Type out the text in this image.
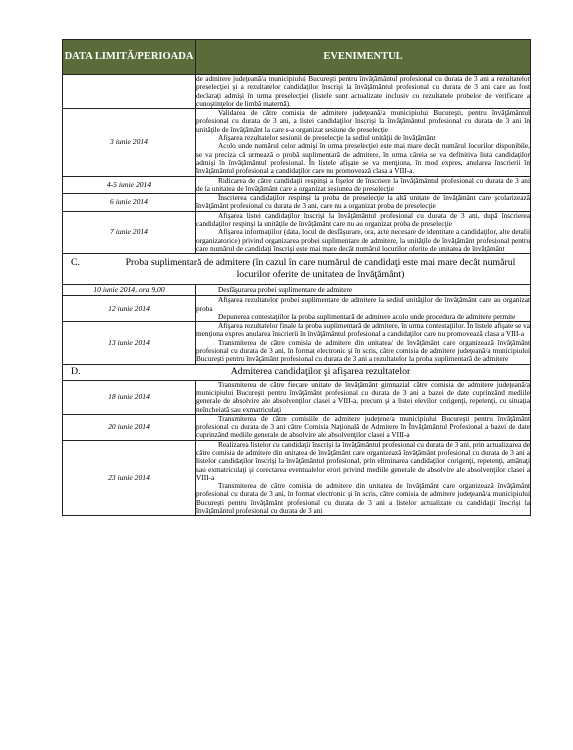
DATA LIMITĂ/PERIOADA	EVENIMENTUL

	de admitere judeţeană/a municipiului Bucureşti pentru învăţământul profesional cu durata de 3 ani a rezultatelor preselecţiei şi a rezultatelor candidaţilor înscrişi la învăţământul profesional cu durata de 3 ani care au fost declaraţi admişi în urma preselecţiei (listele sunt actualizate inclusiv cu rezultatele probelor de verificare a cunoştinţelor de limbă maternă).

3 iunie 2014	Validarea de către comisia de admitere judeţeană/a municipiului Bucureşti, pentru învăţământul profesional cu durata de 3 ani, a listei candidaţilor înscrişi la învăţământul profesional cu durata de 3 ani în unităţile de învăţământ la care s-a organizat sesiune de preselecţie

Afişarea rezultatelor sesiunii de preselecţie la sediul unităţii de învăţământ

Acolo unde numărul celor admişi în urma preselecţiei este mai mare decât numărul locurilor disponibile, se va preciza că urmează o probă suplimentară de admitere, în urma căreia se va definitiva lista candidaţilor admişi în învăţământul profesional. În listele afişate se va menţiona, în mod expres, anularea înscrierii în învăţământul profesional a candidaţilor care nu promovează clasa a VIII-a.

4-5 iunie 2014	Ridicarea de către candidaţii respinşi a fişelor de înscriere la învăţământul profesional cu durata de 3 ani de la unitatea de învăţământ care a organizat sesiunea de preselecţie

6 iunie 2014	Înscrierea candidaţilor respinşi la proba de preselecţie la altă unitate de învăţământ care şcolarizează învăţământ profesional cu durata de 3 ani, care nu a organizat proba de preselecţie

7 iunie 2014	Afişarea listei candidaţilor înscrişi la învăţământul profesional cu durata de 3 ani, după înscrierea candidaţilor respinşi la unităţile de învăţământ care nu au organizat proba de preselecţie

Afişarea informaţiilor (data, locul de desfăşurare, ora, acte necesare de identitate a candidaţilor, alte detalii organizatorice) privind organizarea probei suplimentare de admitere, la unităţile de învăţământ profesional pentru care numărul de candidaţi înscrişi este mai mare decât numărul locurilor oferite de unitatea de învăţământ

C. Proba suplimentară de admitere (în cazul în care numărul de candidaţi este mai mare decât numărul locurilor oferite de unitatea de învăţământ)	

10 iunie 2014, ora 9,00	Desfăşurarea probei suplimentare de admitere

12 iunie 2014	Afişarea rezultatelor probei suplimentare de admitere la sediul unităţilor de învăţământ care au organizat proba

Depunerea contestaţiilor la proba suplimentară de admitere acolo unde procedura de admitere permite

13 iunie 2014	Afişarea rezultatelor finale la proba suplimentară de admitere, în urma contestaţiilor. În listele afişate se va menţiona expres anularea înscrierii în învăţământul profesional a candidaţilor care nu promovează clasa a VIII-a

Transmiterea de către comisia de admitere din unitatea/ de învăţământ care organizează învăţământ profesional cu durata de 3 ani, în format electronic şi în scris, către comisia de admitere judeţeană/a municipiului Bucureşti pentru învăţământ profesional cu durata de 3 ani a rezultatelor la proba suplimentară de admitere

D. Admiterea candidaţilor şi afişarea rezultatelor	

18 iunie 2014	Transmiterea de către fiecare unitate de învăţământ gimnazial către comisia de admitere judeţeană/a municipiului Bucureşti pentru învăţământ profesional cu durata de 3 ani a bazei de date cuprinzând mediile generale de absolvire ale absolvenţilor clasei a VIII-a, precum şi a listei elevilor corigenţi, repetenţi, cu situaţia neîncheiată sau exmatriculaţi

20 iunie 2014	Transmiterea de către comisiile de admitere judeţene/a municipiului Bucureşti pentru învăţământ profesional cu durata de 3 ani către Comisia Naţională de Admitere în Învăţământul Profesional a bazei de date cuprinzând mediile generale de absolvire ale absolvenţilor clasei a VIII-a

23 iunie 2014	Realizarea listelor cu candidaţii înscrişi la învăţământul profesional cu durata de 3 ani, prin actualizarea de către comisia de admitere din unitatea de învăţământ care organizează învăţământ profesional cu durata de 3 ani a listelor candidaţilor înscrişi la învăţământul profesional, prin eliminarea candidaţilor corigenţi, repetenţi, amânaţi sau exmatriculaţi şi corectarea eventualelor erori privind mediile generale de absolvire ale absolvenţilor clasei a VIII-a

Transmiterea de către comisia de admitere din unitatea de învăţământ care organizează învăţământ profesional cu durata de 3 ani, în format electronic şi în scris, către comisia de admitere judeţeană/a municipiului Bucureşti pentru învăţământ profesional cu durata de 3 ani a listelor actualizate cu candidaţii înscrişi la învăţământul profesional cu durata de 3 ani
